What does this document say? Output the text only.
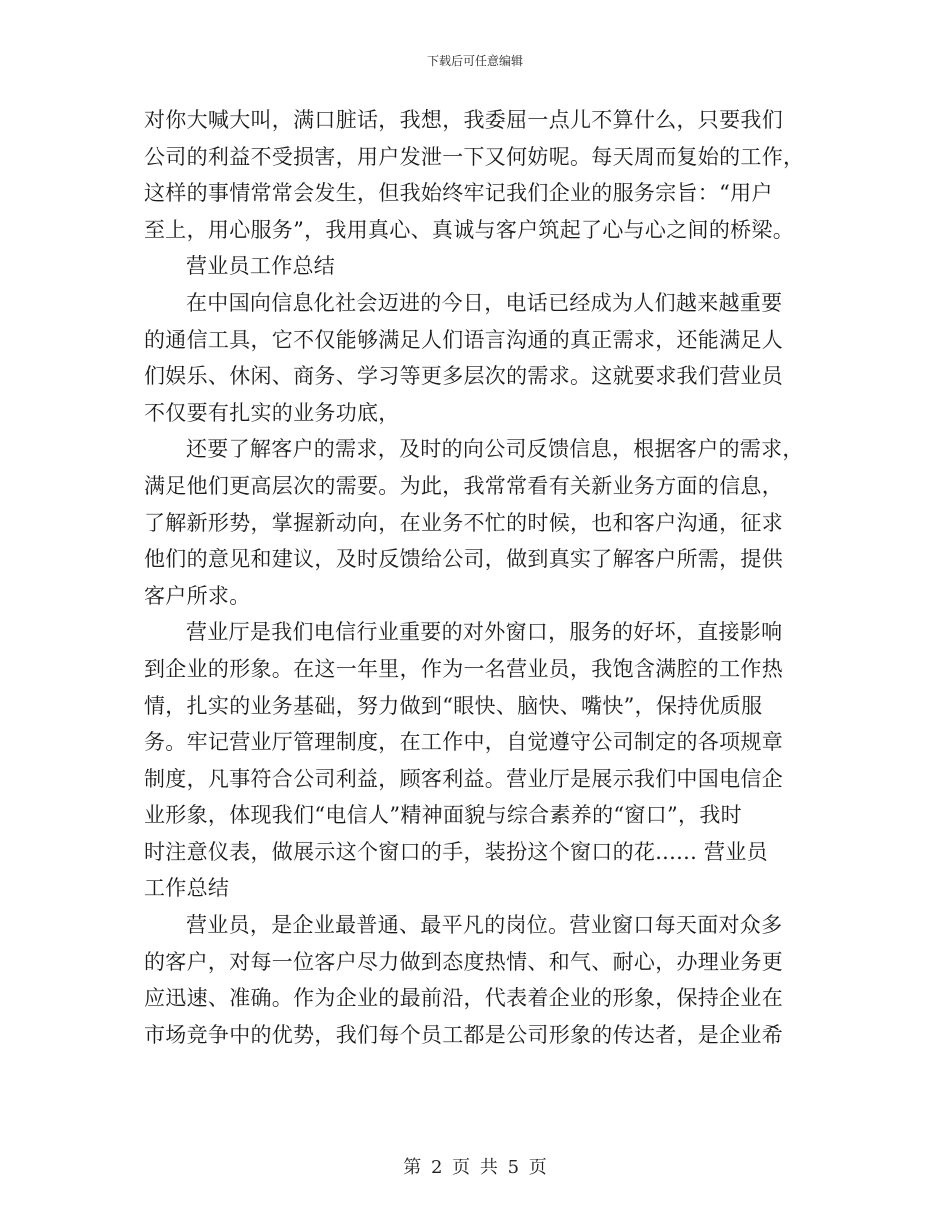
下载后可任意编辑
对你大喊大叫，满口脏话，我想，我委屈一点儿不算什么，只要我们
公司的利益不受损害，用户发泄一下又何妨呢。每天周而复始的工作，
这样的事情常常会发生，但我始终牢记我们企业的服务宗旨：“用户
至上，用心服务”，我用真心、真诚与客户筑起了心与心之间的桥梁。
营业员工作总结
在中国向信息化社会迈进的今日，电话已经成为人们越来越重要
的通信工具，它不仅能够满足人们语言沟通的真正需求，还能满足人
们娱乐、休闲、商务、学习等更多层次的需求。这就要求我们营业员
不仅要有扎实的业务功底，
还要了解客户的需求，及时的向公司反馈信息，根据客户的需求，
满足他们更高层次的需要。为此，我常常看有关新业务方面的信息，
了解新形势，掌握新动向，在业务不忙的时候，也和客户沟通，征求
他们的意见和建议，及时反馈给公司，做到真实了解客户所需，提供
客户所求。
营业厅是我们电信行业重要的对外窗口，服务的好坏，直接影响
到企业的形象。在这一年里，作为一名营业员，我饱含满腔的工作热
情，扎实的业务基础，努力做到“眼快、脑快、嘴快”，保持优质服
务。牢记营业厅管理制度，在工作中，自觉遵守公司制定的各项规章
制度，凡事符合公司利益，顾客利益。营业厅是展示我们中国电信企
业形象，体现我们“电信人”精神面貌与综合素养的“窗口”，我时
时注意仪表，做展示这个窗口的手，装扮这个窗口的花...... 营业员
工作总结
营业员，是企业最普通、最平凡的岗位。营业窗口每天面对众多
的客户，对每一位客户尽力做到态度热情、和气、耐心，办理业务更
应迅速、准确。作为企业的最前沿，代表着企业的形象，保持企业在
市场竞争中的优势，我们每个员工都是公司形象的传达者，是企业希
第 2 页 共 5 页
